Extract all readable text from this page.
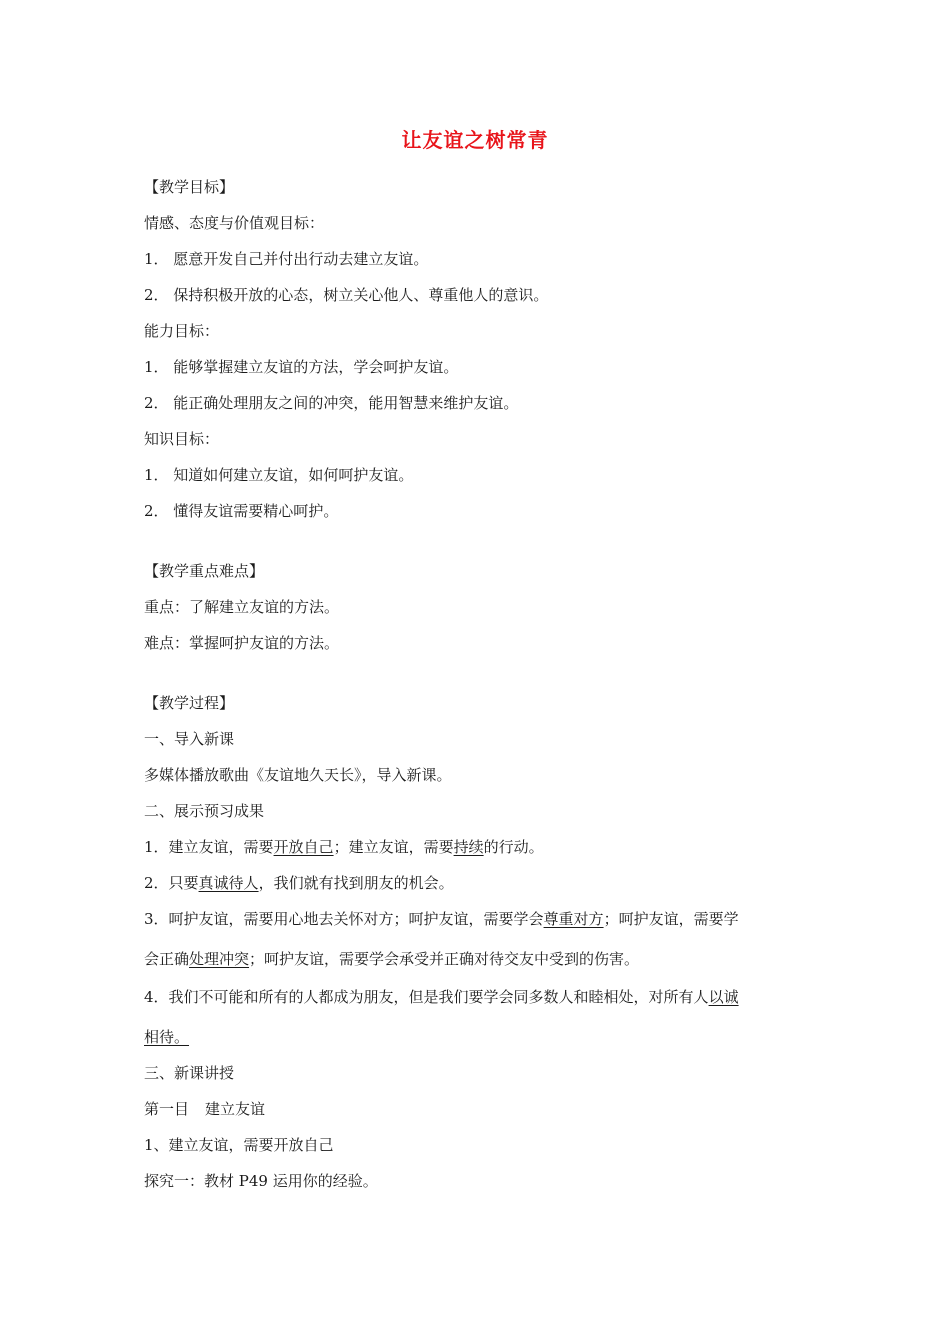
让友谊之树常青
【教学目标】
情感、态度与价值观目标：
1． 愿意开发自己并付出行动去建立友谊。
2． 保持积极开放的心态，树立关心他人、尊重他人的意识。
能力目标：
1． 能够掌握建立友谊的方法，学会呵护友谊。
2． 能正确处理朋友之间的冲突，能用智慧来维护友谊。
知识目标：
1． 知道如何建立友谊，如何呵护友谊。
2． 懂得友谊需要精心呵护。
【教学重点难点】
重点：了解建立友谊的方法。
难点：掌握呵护友谊的方法。
【教学过程】
一、导入新课
多媒体播放歌曲《友谊地久天长》，导入新课。
二、展示预习成果
1．建立友谊，需要开放自己；建立友谊，需要持续的行动。
2．只要真诚待人，我们就有找到朋友的机会。
3．呵护友谊，需要用心地去关怀对方；呵护友谊，需要学会尊重对方；呵护友谊，需要学
会正确处理冲突；呵护友谊，需要学会承受并正确对待交友中受到的伤害。
4．我们不可能和所有的人都成为朋友，但是我们要学会同多数人和睦相处，对所有人以诚
相待。
三、新课讲授
第一目 建立友谊
1、建立友谊，需要开放自己
探究一：教材 P49 运用你的经验。
